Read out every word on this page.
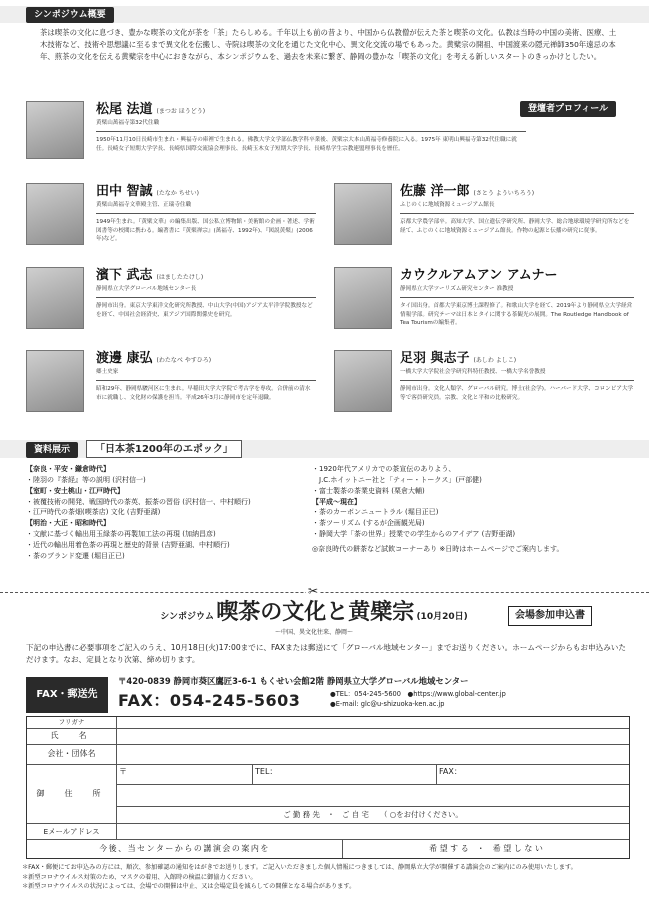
シンポジウム概要
茶は喫茶の文化に息づき、豊かな喫茶の文化が茶を「茶」たらしめる。千年以上も前の昔より、中国から仏教僧が伝えた茶と喫茶の文化。仏教は当時の中国の美術、医療、土木技術など、技術や思想議に至るまで異文化を伝搬し、寺院は喫茶の文化を通じた文化中心、異文化交流の場でもあった。黄檗宗の開祖、中国渡来の隠元禅師350年遠忌の本年、煎茶の文化を伝える黄檗宗を中心におきながら、本シンポジウムを、過去を未来に繋ぎ、静岡の豊かな「喫茶の文化」を考える新しいスタートのきっかけとしたい。
登壇者プロフィール
松尾 法道 (まつお ほうどう)
黄檗山萬福寺第32代住職
1950年11月10日長崎市生まれ・興福寺の庫裡で生まれる。佛教大学文学部仏教学科卒業後、黄檗宗大本山萬福寺修養院に入る。1975年 東明山興福寺第32代住職に就任。長崎女子短期大学学長、長崎県国際交流協会理事長、長崎玉木女子短期大学学長、長崎県学生宗教連盟理事長を歴任。
田中 智誠 (たなか ちせい)
黄檗山萬福寺文華殿主管、正瑞寺住職
1949年生まれ。『黄檗文華』の編集出版、国公私立博物館・美術館の企画・著述、学術図書等の校閲に携わる。編著書に『黄檗禅宗』(萬福寺、1992年)、『図説黄檗』(2006年)など。
佐藤 洋一郎 (さとう よういちろう)
ふじのくに地域資源ミュージアム館長
京都大学農学部卒。高知大学、国立遺伝学研究所、静岡大学、総合地球環境学研究所などを経て、ふじのくに地域資源ミュージアム館長。作物の起源と伝播の研究に従事。
濱下 武志 (はましたたけし)
静岡県立大学グローバル地域センター長
静岡市出身。東京大学東洋文化研究所教授、中山大学(中国)アジア太平洋学院教授などを経て、中国社会経済史、東アジア国際関係史を研究。
カウクルアムアン アムナー
静岡県立大学ツーリズム研究センター 准教授
タイ国出身。首都大学東京博士課程修了。和歌山大学を経て、2019年より静岡県立大学経営情報学部。研究テーマは日本とタイに関する茶観光の展開。The Routledge Handbook of Tea Tourismの編集者。
渡邊 康弘 (わたなべ やすひろ)
郷土史家
昭和29年、静岡県駿河区に生まれ。早稲田大学大学院で考古学を専攻。合併前の清水市に就職し、文化財の保護を担当。平成26年3月に静岡市を定年退職。
足羽 與志子 (あしわ よしこ)
一橋大学大学院社会学研究科特任教授、一橋大学名誉教授
静岡市出身。文化人類学、グローバル研究。博士(社会学)。ハーバード大学、コロンビア大学等で客員研究員。宗教、文化と平和の比較研究。
資料展示	「日本茶1200年のエポック」
【奈良・平安・鎌倉時代】
・陸羽の『茶経』等の説明 (沢村信一)
【室町・安土桃山・江戸時代】
・被覆技術の開発、戦国時代の茶英、振茶の習俗 (沢村信一、中村順行)
・江戸時代の茶畑(喫茶店) 文化 (吉野亜湖)
【明治・大正・昭和時代】
・文献に基づく輸出用玉緑茶の再製加工法の再現 (加納昌彦)
・近代の輸出用着色茶の再現と歴史的背景 (吉野亜湖、中村順行)
・茶のブランド変遷 (堀目正已)
・1920年代アメリカでの茶宣伝のありよう、
　J.C.ホイットニー社と「ティー・トークス」(戸部健)
・富士製茶の茶業史資料 (栗倉大輔)
【平成～現在】
・茶のカーボンニュートラル (堀目正已)
・茶ツーリズム (するが企画観光局)
・静岡大学「茶の世界」授業での学生からのアイデア (吉野亜湖)
◎奈良時代の餅茶など試飲コーナーあり ※日時はホームページでご案内します。
✂
シンポジウム 喫茶の文化と黄檗宗 (10月20日)
～中国、異文化往来、静岡～
会場参加申込書
下記の申込書に必要事項をご記入のうえ、10月18日(火)17:00までに、FAXまたは郵送にて「グローバル地域センター」までお送りください。ホームページからもお申込みいただけます。なお、定員となり次第、締め切ります。
FAX・郵送先
〒420-0839 静岡市葵区鷹匠3-6-1 もくせい会館2階 静岡県立大学グローバル地域センター
FAX：054-245-5603	●TEL：054-245-5600　 ●https://www.global-center.jp
●E-mail: glc@u-shizuoka-ken.ac.jp
フリガナ
氏　名
会社・団体名
御　住　所
〒	TEL：	FAX：
ご 勤 務 先　・　ご 自 宅　　（ ○をお付けください。
Eメールアドレス
今後、当センターからの講演会の案内を	希 望 す る　・　希 望 し な い
＊FAX・郵便にてお申込みの方には、順次、参加確認の通知をはがきでお送りします。ご記入いただきました個人情報につきましては、静岡県立大学が開催する講演会のご案内にのみ使用いたします。
＊新型コロナウイルス対策のため、マスクの着用、入館時の検温に御協力ください。
＊新型コロナウイルスの状況によっては、会場での開催は中止、又は会場定員を減らしての開催となる場合があります。
